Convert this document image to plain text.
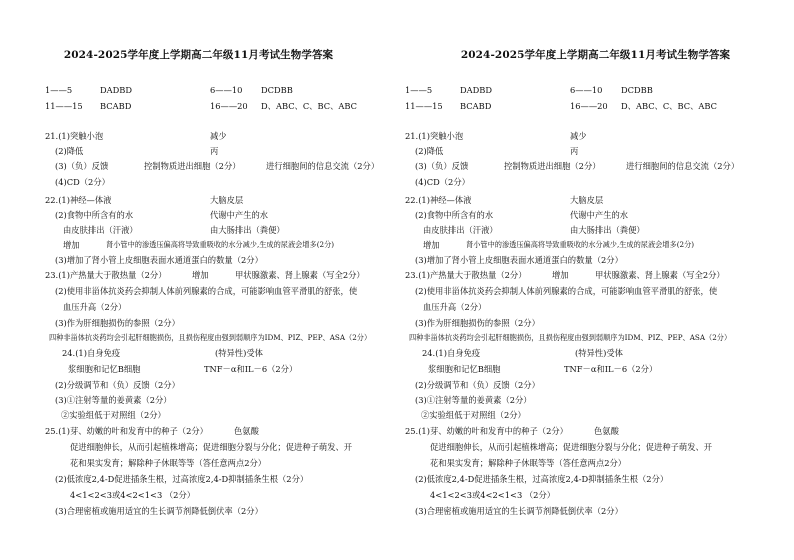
2024-2025学年度上学期高二年级11月考试生物学答案
1——5	DADBD	6——10 DCDBB
11——15 BCABD	16——20 D、ABC、C、BC、ABC
21.(1)突触小泡	减少
(2)降低	丙
(3)（负）反馈	控制物质进出细胞（2分）	进行细胞间的信息交流（2分）
(4)CD（2分）
22.(1)神经—体液	大脑皮层
(2)食物中所含有的水	代谢中产生的水
由皮肤排出（汗液）	由大肠排出（粪便）
增加	肾小管中的渗透压偏高将导致重吸收的水分减少,生成的尿液会增多(2分)
(3)增加了肾小管上皮细胞表面水通道蛋白的数量（2分）
23.(1)产热量大于散热量（2分）	增加	甲状腺激素、肾上腺素（写全2分）
(2)使用非甾体抗炎药会抑制人体前列腺素的合成，可能影响血管平滑肌的舒张，使
血压升高（2分）
(3)作为肝细胞损伤的参照（2分）
四种非甾体抗炎药均会引起肝细胞损伤，且损伤程度由强到弱顺序为IDM、PIZ、PEP、ASA（2分）
24.(1)自身免疫	(特异性)受体
浆细胞和记忆B细胞	TNF－α和IL－6（2分）
(2)分级调节和（负）反馈（2分）
(3)①注射等量的姜黄素（2分）
②实验组低于对照组（2分）
25.(1)芽、幼嫩的叶和发育中的种子（2分）	色氨酸
促进细胞伸长，从而引起植株增高；促进细胞分裂与分化；促进种子萌发、开
花和果实发育；解除种子休眠等等（答任意两点2分）
(2)低浓度2,4-D促进插条生根，过高浓度2,4-D抑制插条生根（2分）
4<1<2<3或4<2<1<3 （2分）
(3)合理密植或施用适宜的生长调节剂降低倒伏率（2分）
2024-2025学年度上学期高二年级11月考试生物学答案
1——5	DADBD	6——10 DCDBB
11——15 BCABD	16——20 D、ABC、C、BC、ABC
21.(1)突触小泡	减少
(2)降低	丙
(3)（负）反馈	控制物质进出细胞（2分）	进行细胞间的信息交流（2分）
(4)CD（2分）
22.(1)神经—体液	大脑皮层
(2)食物中所含有的水	代谢中产生的水
由皮肤排出（汗液）	由大肠排出（粪便）
增加	肾小管中的渗透压偏高将导致重吸收的水分减少,生成的尿液会增多(2分)
(3)增加了肾小管上皮细胞表面水通道蛋白的数量（2分）
23.(1)产热量大于散热量（2分）	增加	甲状腺激素、肾上腺素（写全2分）
(2)使用非甾体抗炎药会抑制人体前列腺素的合成，可能影响血管平滑肌的舒张，使
血压升高（2分）
(3)作为肝细胞损伤的参照（2分）
四种非甾体抗炎药均会引起肝细胞损伤，且损伤程度由强到弱顺序为IDM、PIZ、PEP、ASA（2分）
24.(1)自身免疫	(特异性)受体
浆细胞和记忆B细胞	TNF－α和IL－6（2分）
(2)分级调节和（负）反馈（2分）
(3)①注射等量的姜黄素（2分）
②实验组低于对照组（2分）
25.(1)芽、幼嫩的叶和发育中的种子（2分）	色氨酸
促进细胞伸长，从而引起植株增高；促进细胞分裂与分化；促进种子萌发、开
花和果实发育；解除种子休眠等等（答任意两点2分）
(2)低浓度2,4-D促进插条生根，过高浓度2,4-D抑制插条生根（2分）
4<1<2<3或4<2<1<3 （2分）
(3)合理密植或施用适宜的生长调节剂降低倒伏率（2分）
